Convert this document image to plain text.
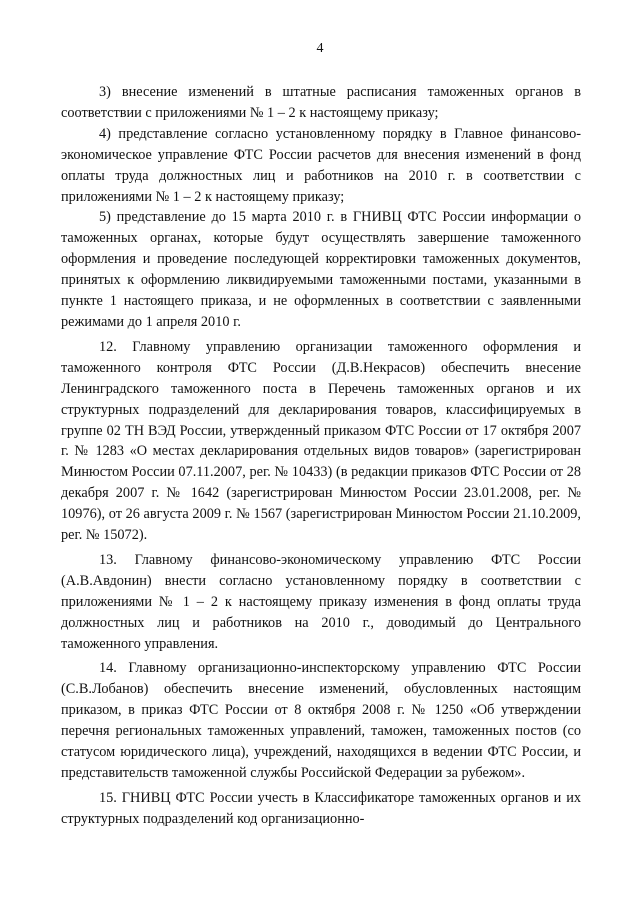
4

3) внесение изменений в штатные расписания таможенных органов в соответствии с приложениями № 1 – 2 к настоящему приказу;

4) представление согласно установленному порядку в Главное финансово-экономическое управление ФТС России расчетов для внесения изменений в фонд оплаты труда должностных лиц и работников на 2010 г. в соответствии с приложениями № 1 – 2 к настоящему приказу;

5) представление до 15 марта 2010 г. в ГНИВЦ ФТС России информации о таможенных органах, которые будут осуществлять завершение таможенного оформления и проведение последующей корректировки таможенных документов, принятых к оформлению ликвидируемыми таможенными постами, указанными в пункте 1 настоящего приказа, и не оформленных в соответствии с заявленными режимами до 1 апреля 2010 г.

12. Главному управлению организации таможенного оформления и таможенного контроля ФТС России (Д.В.Некрасов) обеспечить внесение Ленинградского таможенного поста в Перечень таможенных органов и их структурных подразделений для декларирования товаров, классифицируемых в группе 02 ТН ВЭД России, утвержденный приказом ФТС России от 17 октября 2007 г. № 1283 «О местах декларирования отдельных видов товаров» (зарегистрирован Минюстом России 07.11.2007, рег. № 10433) (в редакции приказов ФТС России от 28 декабря 2007 г. № 1642 (зарегистрирован Минюстом России 23.01.2008, рег. № 10976), от 26 августа 2009 г. № 1567 (зарегистрирован Минюстом России 21.10.2009, рег. № 15072).

13. Главному финансово-экономическому управлению ФТС России (А.В.Авдонин) внести согласно установленному порядку в соответствии с приложениями № 1 – 2 к настоящему приказу изменения в фонд оплаты труда должностных лиц и работников на 2010 г., доводимый до Центрального таможенного управления.

14. Главному организационно-инспекторскому управлению ФТС России (С.В.Лобанов) обеспечить внесение изменений, обусловленных настоящим приказом, в приказ ФТС России от 8 октября 2008 г. № 1250 «Об утверждении перечня региональных таможенных управлений, таможен, таможенных постов (со статусом юридического лица), учреждений, находящихся в ведении ФТС России, и представительств таможенной службы Российской Федерации за рубежом».

15. ГНИВЦ ФТС России учесть в Классификаторе таможенных органов и их структурных подразделений код организационно-
